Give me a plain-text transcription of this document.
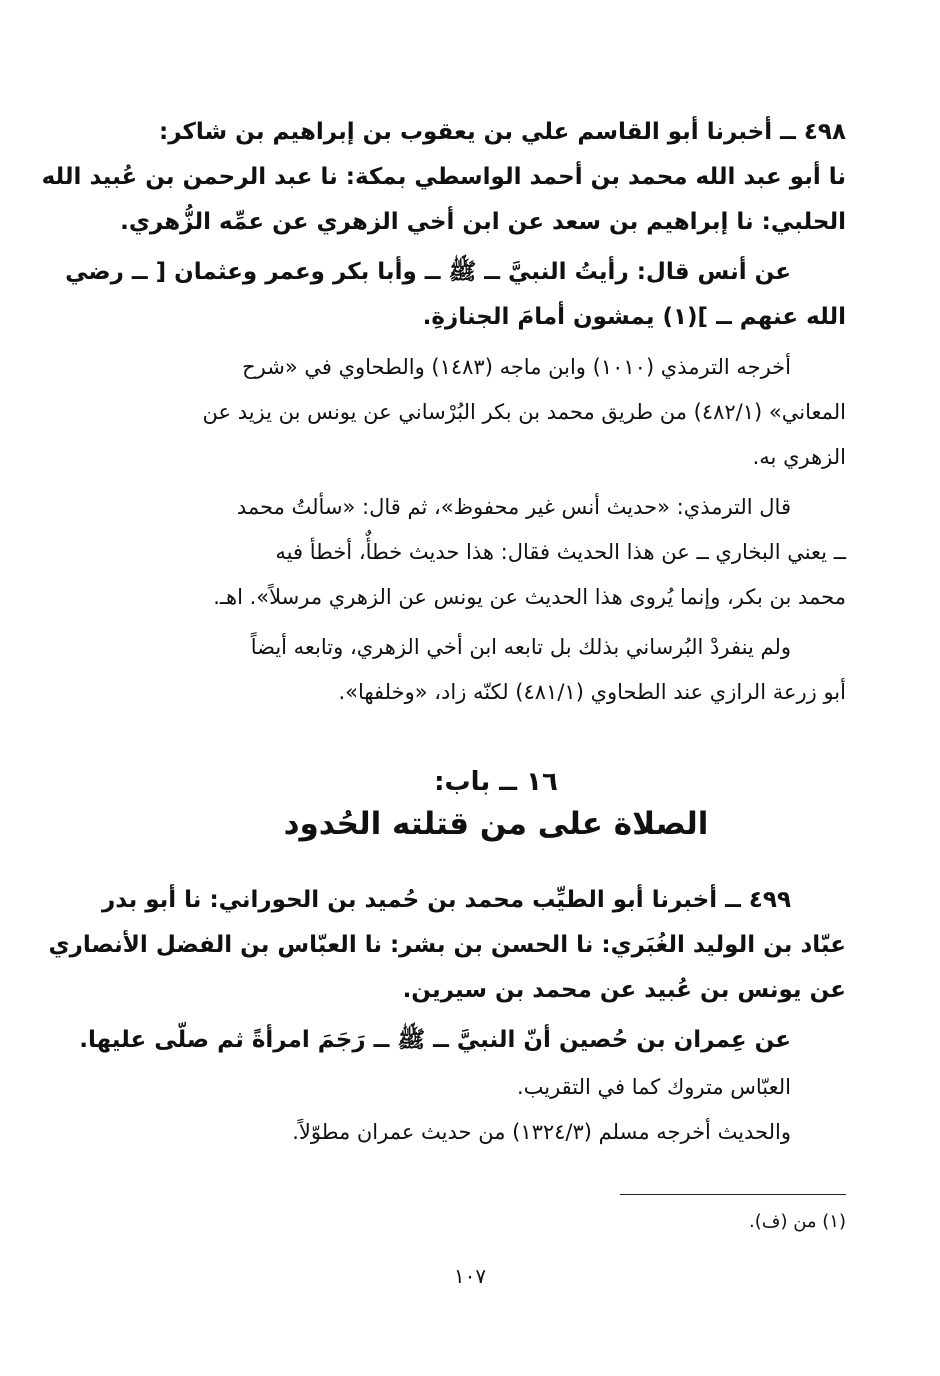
٤٩٨ ــ أخبرنا أبو القاسم علي بن يعقوب بن إبراهيم بن شاكر:
نا أبو عبد الله محمد بن أحمد الواسطي بمكة: نا عبد الرحمن بن عُبيد الله
الحلبي: نا إبراهيم بن سعد عن ابن أخي الزهري عن عمِّه الزُّهري.
عن أنس قال: رأيتُ النبيَّ ــ ﷺ ــ وأبا بكر وعمر وعثمان [ ــ رضي
الله عنهم ــ ](١) يمشون أمامَ الجنازةِ.
أخرجه الترمذي (١٠١٠) وابن ماجه (١٤٨٣) والطحاوي في «شرح
المعاني» (٤٨٢/١) من طريق محمد بن بكر البُرْساني عن يونس بن يزيد عن
الزهري به.
قال الترمذي: «حديث أنس غير محفوظ»، ثم قال: «سألتُ محمد
ــ يعني البخاري ــ عن هذا الحديث فقال: هذا حديث خطأٌ، أخطأ فيه
محمد بن بكر، وإنما يُروى هذا الحديث عن يونس عن الزهري مرسلاً». اهـ.
ولم ينفردْ البُرساني بذلك بل تابعه ابن أخي الزهري، وتابعه أيضاً
أبو زرعة الرازي عند الطحاوي (٤٨١/١) لكنّه زاد، «وخلفها».
١٦ ــ باب:
الصلاة على من قتلته الحُدود
٤٩٩ ــ أخبرنا أبو الطيِّب محمد بن حُميد بن الحوراني: نا أبو بدر
عبّاد بن الوليد الغُبَري: نا الحسن بن بشر: نا العبّاس بن الفضل الأنصاري
عن يونس بن عُبيد عن محمد بن سيرين.
عن عِمران بن حُصين أنّ النبيَّ ــ ﷺ ــ رَجَمَ امرأةً ثم صلّى عليها.
العبّاس متروك كما في التقريب.
والحديث أخرجه مسلم (١٣٢٤/٣) من حديث عمران مطوّلاً.
(١) من (ف).
١٠٧
